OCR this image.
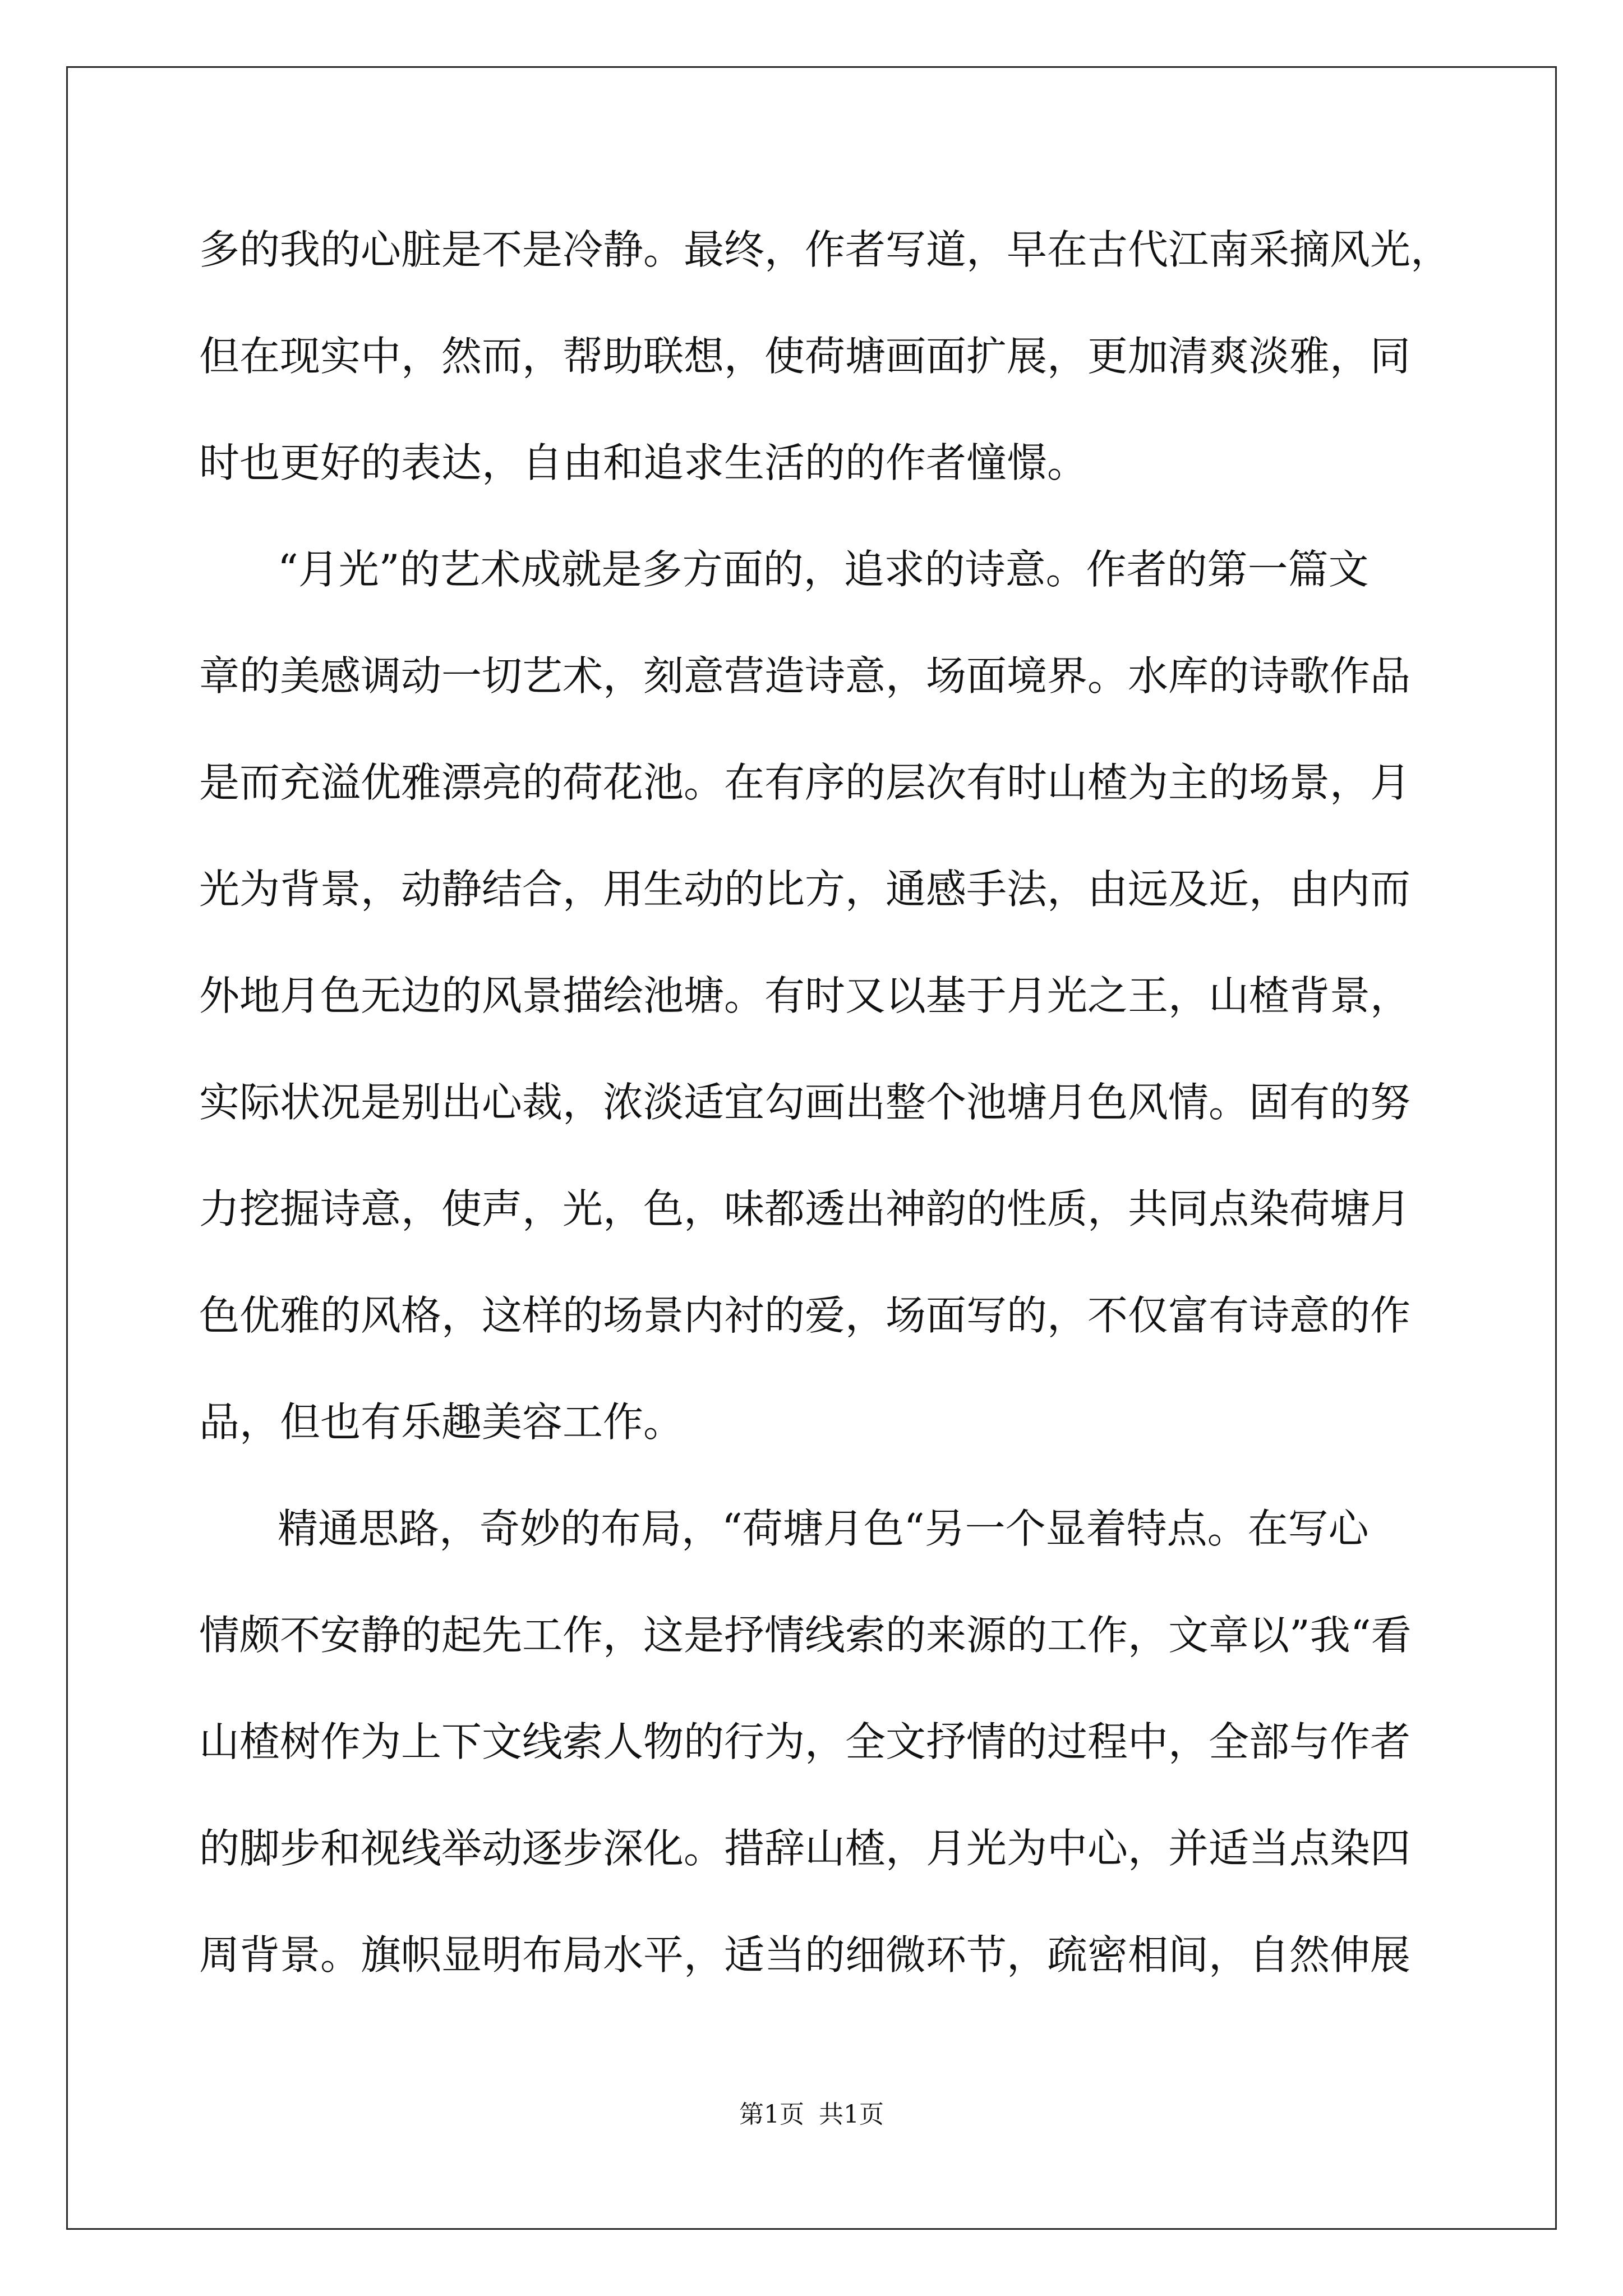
多的我的心脏是不是冷静。最终，作者写道，早在古代江南采摘风光，
但在现实中，然而，帮助联想，使荷塘画面扩展，更加清爽淡雅，同
时也更好的表达，自由和追求生活的的作者憧憬。
“月光”的艺术成就是多方面的，追求的诗意。作者的第一篇文
章的美感调动一切艺术，刻意营造诗意，场面境界。水库的诗歌作品
是而充溢优雅漂亮的荷花池。在有序的层次有时山楂为主的场景，月
光为背景，动静结合，用生动的比方，通感手法，由远及近，由内而
外地月色无边的风景描绘池塘。有时又以基于月光之王，山楂背景，
实际状况是别出心裁，浓淡适宜勾画出整个池塘月色风情。固有的努
力挖掘诗意，使声，光，色，味都透出神韵的性质，共同点染荷塘月
色优雅的风格，这样的场景内衬的爱，场面写的，不仅富有诗意的作
品，但也有乐趣美容工作。
精通思路，奇妙的布局，“荷塘月色“另一个显着特点。在写心
情颇不安静的起先工作，这是抒情线索的来源的工作，文章以”我“看
山楂树作为上下文线索人物的行为，全文抒情的过程中，全部与作者
的脚步和视线举动逐步深化。措辞山楂，月光为中心，并适当点染四
周背景。旗帜显明布局水平，适当的细微环节，疏密相间，自然伸展
第1页 共1页
